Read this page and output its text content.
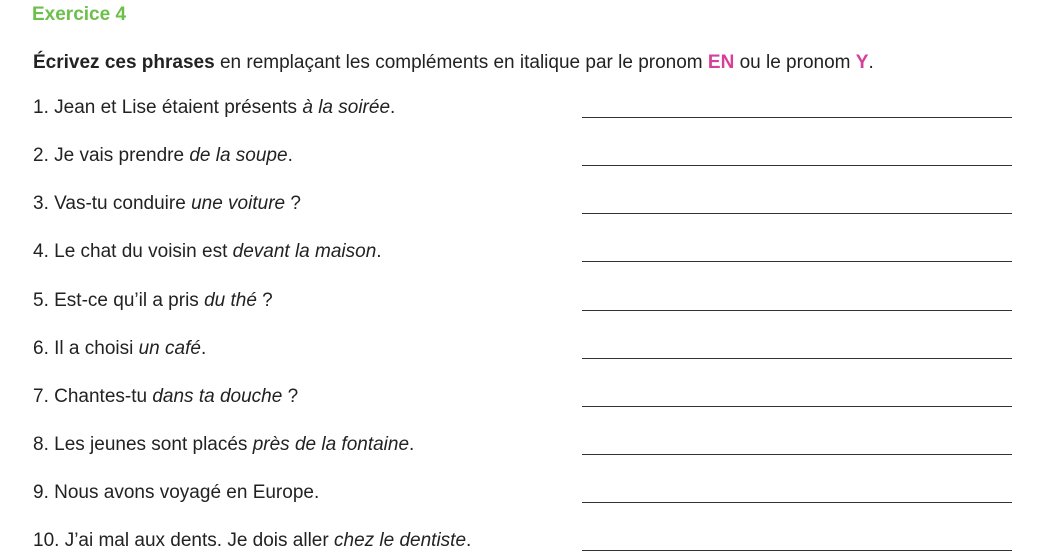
Exercice 4
Écrivez ces phrases en remplaçant les compléments en italique par le pronom EN ou le pronom Y.
1. Jean et Lise étaient présents à la soirée.
2. Je vais prendre de la soupe.
3. Vas-tu conduire une voiture ?
4. Le chat du voisin est devant la maison.
5. Est-ce qu’il a pris du thé ?
6. Il a choisi un café.
7. Chantes-tu dans ta douche ?
8. Les jeunes sont placés près de la fontaine.
9. Nous avons voyagé en Europe.
10. J’ai mal aux dents. Je dois aller chez le dentiste.
